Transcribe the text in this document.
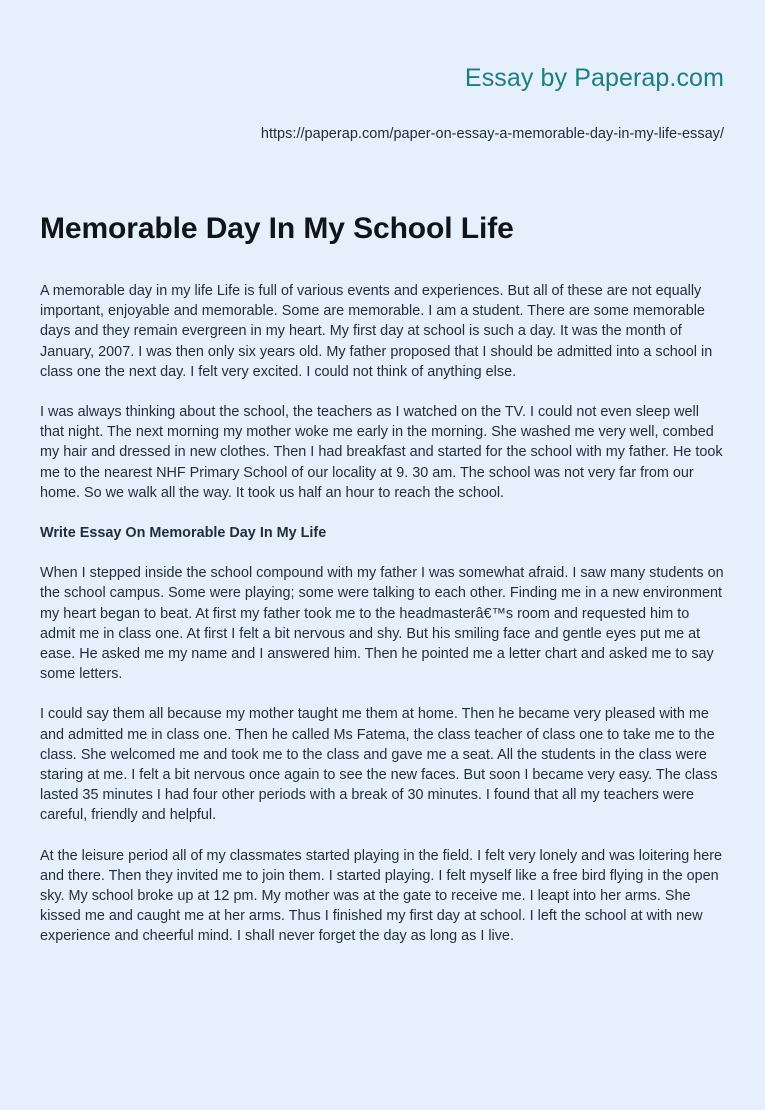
Essay by Paperap.com
https://paperap.com/paper-on-essay-a-memorable-day-in-my-life-essay/
Memorable Day In My School Life

A memorable day in my life Life is full of various events and experiences. But all of these are not equally important, enjoyable and memorable. Some are memorable. I am a student. There are some memorable days and they remain evergreen in my heart. My first day at school is such a day. It was the month of January, 2007. I was then only six years old. My father proposed that I should be admitted into a school in class one the next day. I felt very excited. I could not think of anything else.

I was always thinking about the school, the teachers as I watched on the TV. I could not even sleep well that night. The next morning my mother woke me early in the morning. She washed me very well, combed my hair and dressed in new clothes. Then I had breakfast and started for the school with my father. He took me to the nearest NHF Primary School of our locality at 9. 30 am. The school was not very far from our home. So we walk all the way. It took us half an hour to reach the school.

Write Essay On Memorable Day In My Life

When I stepped inside the school compound with my father I was somewhat afraid. I saw many students on the school campus. Some were playing; some were talking to each other. Finding me in a new environment my heart began to beat. At first my father took me to the headmasterâ€™s room and requested him to admit me in class one. At first I felt a bit nervous and shy. But his smiling face and gentle eyes put me at ease. He asked me my name and I answered him. Then he pointed me a letter chart and asked me to say some letters.

I could say them all because my mother taught me them at home. Then he became very pleased with me and admitted me in class one. Then he called Ms Fatema, the class teacher of class one to take me to the class. She welcomed me and took me to the class and gave me a seat. All the students in the class were staring at me. I felt a bit nervous once again to see the new faces. But soon I became very easy. The class lasted 35 minutes I had four other periods with a break of 30 minutes. I found that all my teachers were careful, friendly and helpful.

At the leisure period all of my classmates started playing in the field. I felt very lonely and was loitering here and there. Then they invited me to join them. I started playing. I felt myself like a free bird flying in the open sky. My school broke up at 12 pm. My mother was at the gate to receive me. I leapt into her arms. She kissed me and caught me at her arms. Thus I finished my first day at school. I left the school at with new experience and cheerful mind. I shall never forget the day as long as I live.
